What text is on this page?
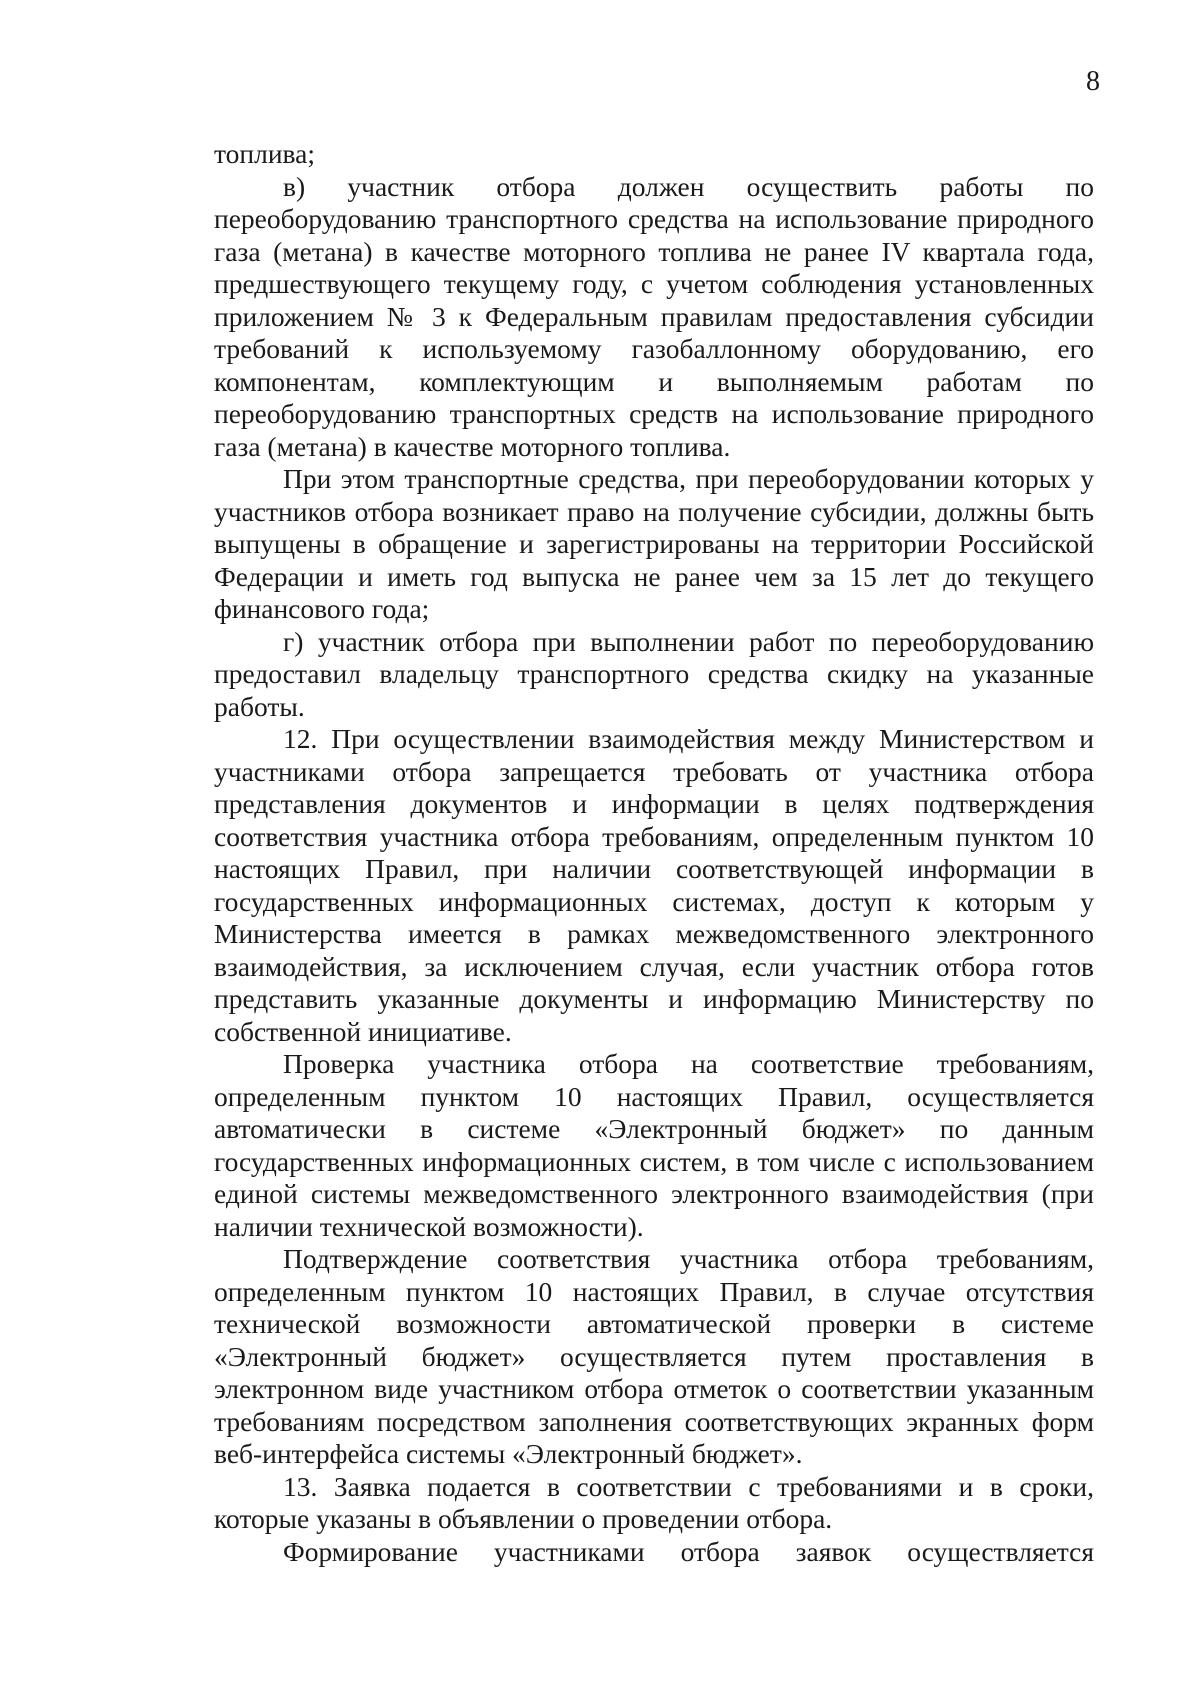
8

топлива;

в) участник отбора должен осуществить работы по переоборудованию транспортного средства на использование природного газа (метана) в качестве моторного топлива не ранее IV квартала года, предшествующего текущему году, с учетом соблюдения установленных приложением № 3 к Федеральным правилам предоставления субсидии требований к используемому газобаллонному оборудованию, его компонентам, комплектующим и выполняемым работам по переоборудованию транспортных средств на использование природного газа (метана) в качестве моторного топлива.

При этом транспортные средства, при переоборудовании которых у участников отбора возникает право на получение субсидии, должны быть выпущены в обращение и зарегистрированы на территории Российской Федерации и иметь год выпуска не ранее чем за 15 лет до текущего финансового года;

г) участник отбора при выполнении работ по переоборудованию предоставил владельцу транспортного средства скидку на указанные работы.

12. При осуществлении взаимодействия между Министерством и участниками отбора запрещается требовать от участника отбора представления документов и информации в целях подтверждения соответствия участника отбора требованиям, определенным пунктом 10 настоящих Правил, при наличии соответствующей информации в государственных информационных системах, доступ к которым у Министерства имеется в рамках межведомственного электронного взаимодействия, за исключением случая, если участник отбора готов представить указанные документы и информацию Министерству по собственной инициативе.

Проверка участника отбора на соответствие требованиям, определенным пунктом 10 настоящих Правил, осуществляется автоматически в системе «Электронный бюджет» по данным государственных информационных систем, в том числе с использованием единой системы межведомственного электронного взаимодействия (при наличии технической возможности).

Подтверждение соответствия участника отбора требованиям, определенным пунктом 10 настоящих Правил, в случае отсутствия технической возможности автоматической проверки в системе «Электронный бюджет» осуществляется путем проставления в электронном виде участником отбора отметок о соответствии указанным требованиям посредством заполнения соответствующих экранных форм веб-интерфейса системы «Электронный бюджет».

13. Заявка подается в соответствии с требованиями и в сроки, которые указаны в объявлении о проведении отбора.

Формирование участниками отбора заявок осуществляется
